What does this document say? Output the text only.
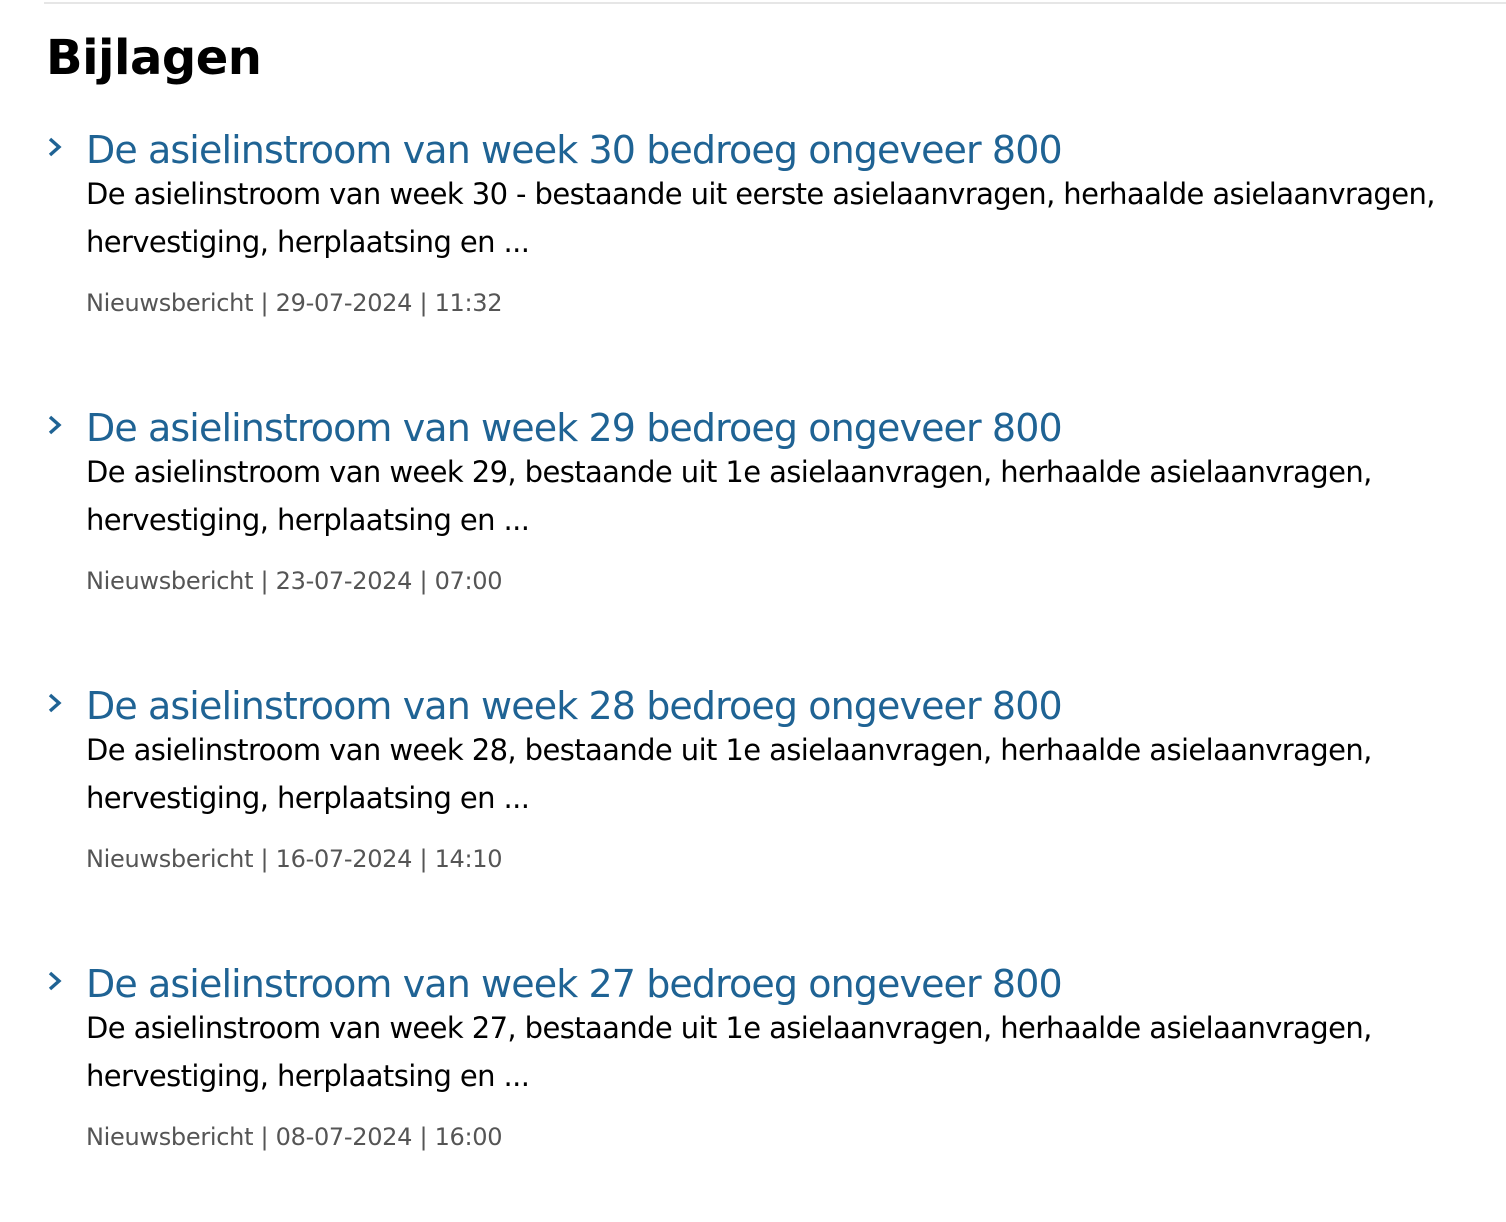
Bijlagen
De asielinstroom van week 30 bedroeg ongeveer 800

De asielinstroom van week 30 - bestaande uit eerste asielaanvragen, herhaalde asielaanvragen, hervestiging, herplaatsing en ...

Nieuwsbericht | 29-07-2024 | 11:32

De asielinstroom van week 29 bedroeg ongeveer 800

De asielinstroom van week 29, bestaande uit 1e asielaanvragen, herhaalde asielaanvragen, hervestiging, herplaatsing en ...

Nieuwsbericht | 23-07-2024 | 07:00

De asielinstroom van week 28 bedroeg ongeveer 800

De asielinstroom van week 28, bestaande uit 1e asielaanvragen, herhaalde asielaanvragen, hervestiging, herplaatsing en ...

Nieuwsbericht | 16-07-2024 | 14:10

De asielinstroom van week 27 bedroeg ongeveer 800

De asielinstroom van week 27, bestaande uit 1e asielaanvragen, herhaalde asielaanvragen, hervestiging, herplaatsing en ...

Nieuwsbericht | 08-07-2024 | 16:00
